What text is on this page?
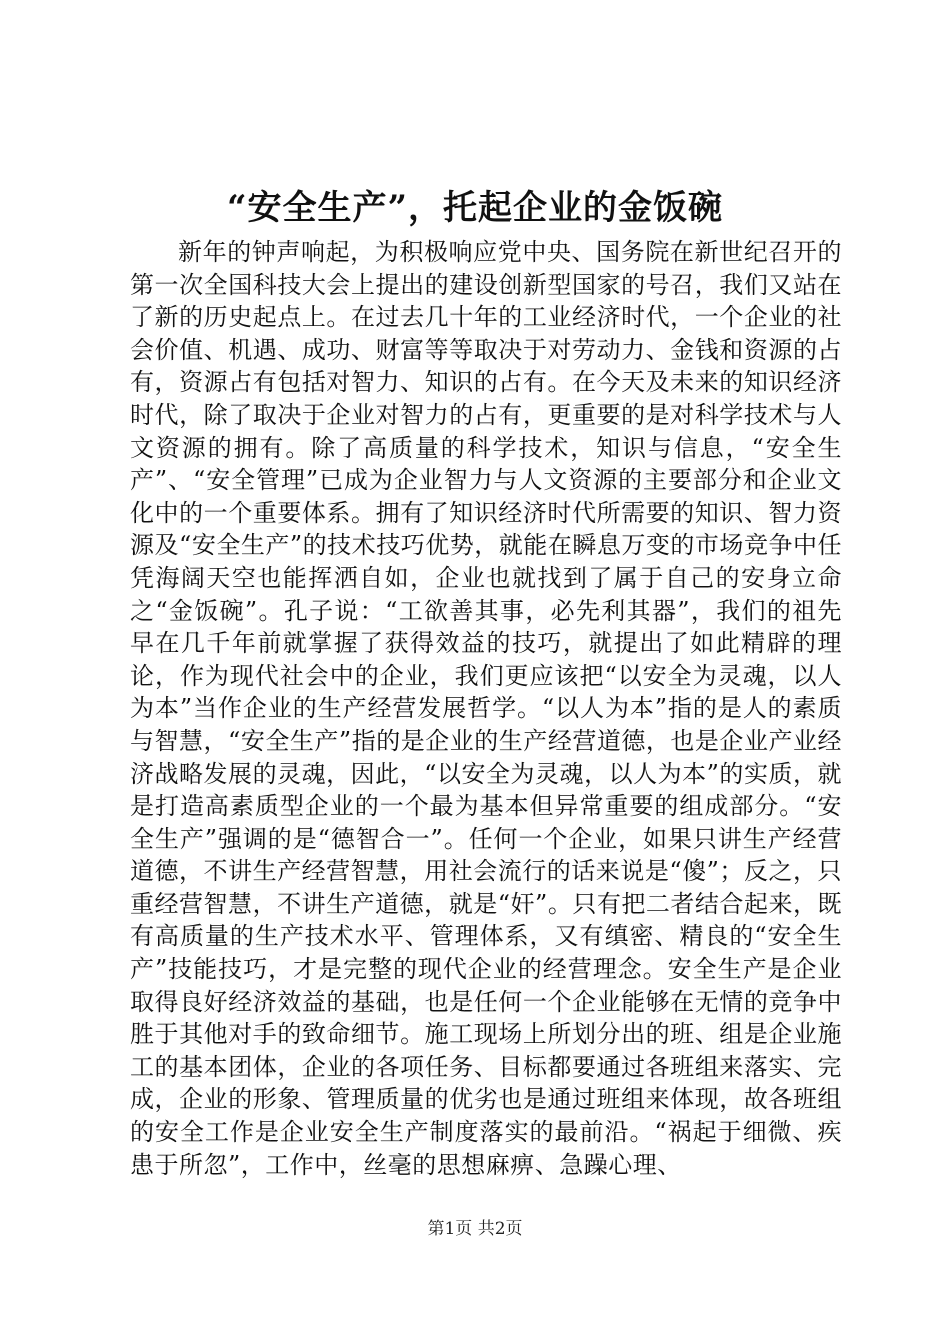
“安全生产”，托起企业的金饭碗

新年的钟声响起，为积极响应党中央、国务院在新世纪召开的第一次全国科技大会上提出的建设创新型国家的号召，我们又站在了新的历史起点上。在过去几十年的工业经济时代，一个企业的社会价值、机遇、成功、财富等等取决于对劳动力、金钱和资源的占有，资源占有包括对智力、知识的占有。在今天及未来的知识经济时代，除了取决于企业对智力的占有，更重要的是对科学技术与人文资源的拥有。除了高质量的科学技术，知识与信息，“安全生产”、“安全管理”已成为企业智力与人文资源的主要部分和企业文化中的一个重要体系。拥有了知识经济时代所需要的知识、智力资源及“安全生产”的技术技巧优势，就能在瞬息万变的市场竞争中任凭海阔天空也能挥洒自如，企业也就找到了属于自己的安身立命之“金饭碗”。孔子说：“工欲善其事，必先利其器”，我们的祖先早在几千年前就掌握了获得效益的技巧，就提出了如此精辟的理论，作为现代社会中的企业，我们更应该把“以安全为灵魂，以人为本”当作企业的生产经营发展哲学。“以人为本”指的是人的素质与智慧，“安全生产”指的是企业的生产经营道德，也是企业产业经济战略发展的灵魂，因此，“以安全为灵魂，以人为本”的实质，就是打造高素质型企业的一个最为基本但异常重要的组成部分。“安全生产”强调的是“德智合一”。任何一个企业，如果只讲生产经营道德，不讲生产经营智慧，用社会流行的话来说是“傻”；反之，只重经营智慧，不讲生产道德，就是“奸”。只有把二者结合起来，既有高质量的生产技术水平、管理体系，又有缜密、精良的“安全生产”技能技巧，才是完整的现代企业的经营理念。安全生产是企业取得良好经济效益的基础，也是任何一个企业能够在无情的竞争中胜于其他对手的致命细节。施工现场上所划分出的班、组是企业施工的基本团体，企业的各项任务、目标都要通过各班组来落实、完成，企业的形象、管理质量的优劣也是通过班组来体现，故各班组的安全工作是企业安全生产制度落实的最前沿。“祸起于细微、疾患于所忽”，工作中，丝毫的思想麻痹、急躁心理、

第1页 共2页
